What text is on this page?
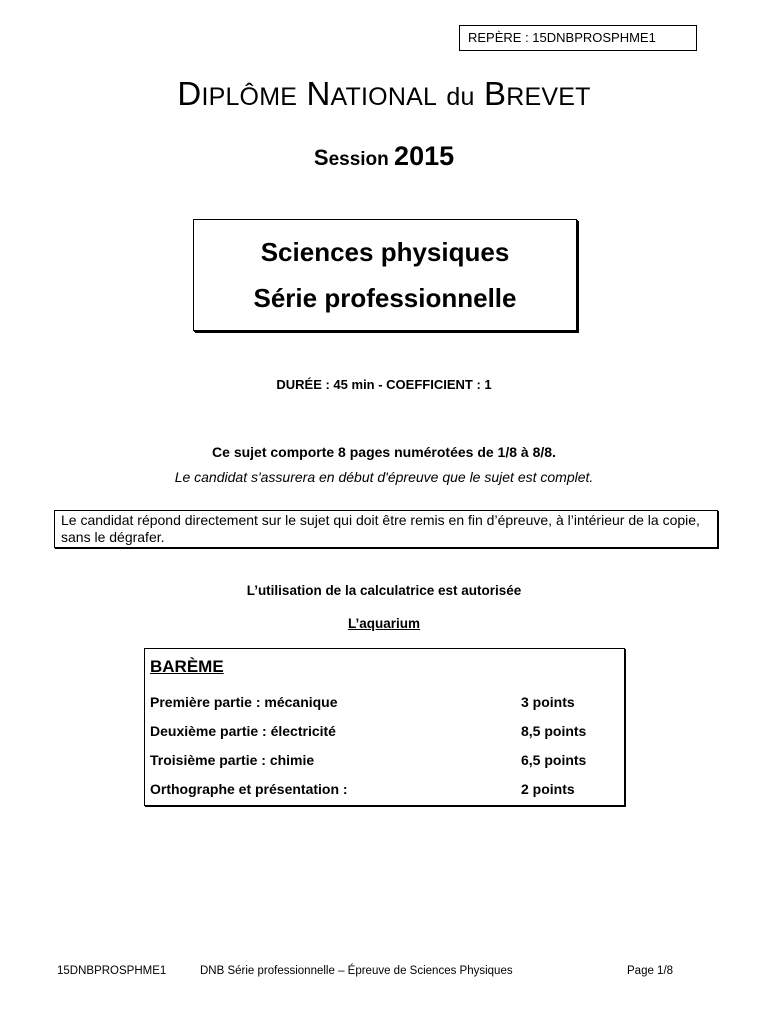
REPÈRE : 15DNBPROSPHME1
DIPLÔME NATIONAL du BREVET
Session 2015
Sciences physiques
Série professionnelle
DURÉE : 45 min - COEFFICIENT : 1
Ce sujet comporte 8 pages numérotées de 1/8 à 8/8.
Le candidat s'assurera en début d'épreuve que le sujet est complet.
Le candidat répond directement sur le sujet qui doit être remis en fin d’épreuve, à l’intérieur de la copie, sans le dégrafer.
L’utilisation de la calculatrice est autorisée
L’aquarium
BARÈME
Première partie : mécanique	3 points
Deuxième partie : électricité	8,5 points
Troisième partie : chimie	6,5 points
Orthographe et présentation :	2 points
15DNBPROSPHME1	DNB Série professionnelle – Épreuve de Sciences Physiques	Page 1/8
